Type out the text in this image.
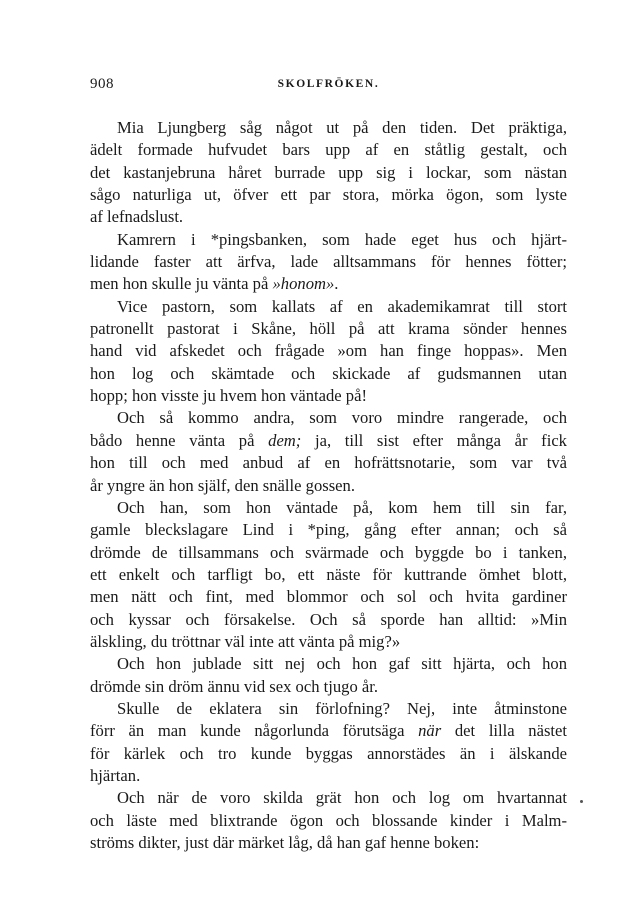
908	SKOLFRÖKEN.
Mia Ljungberg såg något ut på den tiden. Det präktiga,
ädelt formade hufvudet bars upp af en ståtlig gestalt, och
det kastanjebruna håret burrade upp sig i lockar, som nästan
sågo naturliga ut, öfver ett par stora, mörka ögon, som lyste
af lefnadslust.
Kamrern i *pingsbanken, som hade eget hus och hjärt-
lidande faster att ärfva, lade alltsammans för hennes fötter;
men hon skulle ju vänta på »honom».
Vice pastorn, som kallats af en akademikamrat till stort
patronellt pastorat i Skåne, höll på att krama sönder hennes
hand vid afskedet och frågade »om han finge hoppas». Men
hon log och skämtade och skickade af gudsmannen utan
hopp; hon visste ju hvem hon väntade på!
Och så kommo andra, som voro mindre rangerade, och
bådo henne vänta på dem; ja, till sist efter många år fick
hon till och med anbud af en hofrättsnotarie, som var två
år yngre än hon själf, den snälle gossen.
Och han, som hon väntade på, kom hem till sin far,
gamle bleckslagare Lind i *ping, gång efter annan; och så
drömde de tillsammans och svärmade och byggde bo i tanken,
ett enkelt och tarfligt bo, ett näste för kuttrande ömhet blott,
men nätt och fint, med blommor och sol och hvita gardiner
och kyssar och försakelse. Och så sporde han alltid: »Min
älskling, du tröttnar väl inte att vänta på mig?»
Och hon jublade sitt nej och hon gaf sitt hjärta, och hon
drömde sin dröm ännu vid sex och tjugo år.
Skulle de eklatera sin förlofning? Nej, inte åtminstone
förr än man kunde någorlunda förutsäga när det lilla nästet
för kärlek och tro kunde byggas annorstädes än i älskande
hjärtan.
Och när de voro skilda grät hon och log om hvartannat
och läste med blixtrande ögon och blossande kinder i Malm-
ströms dikter, just där märket låg, då han gaf henne boken:
